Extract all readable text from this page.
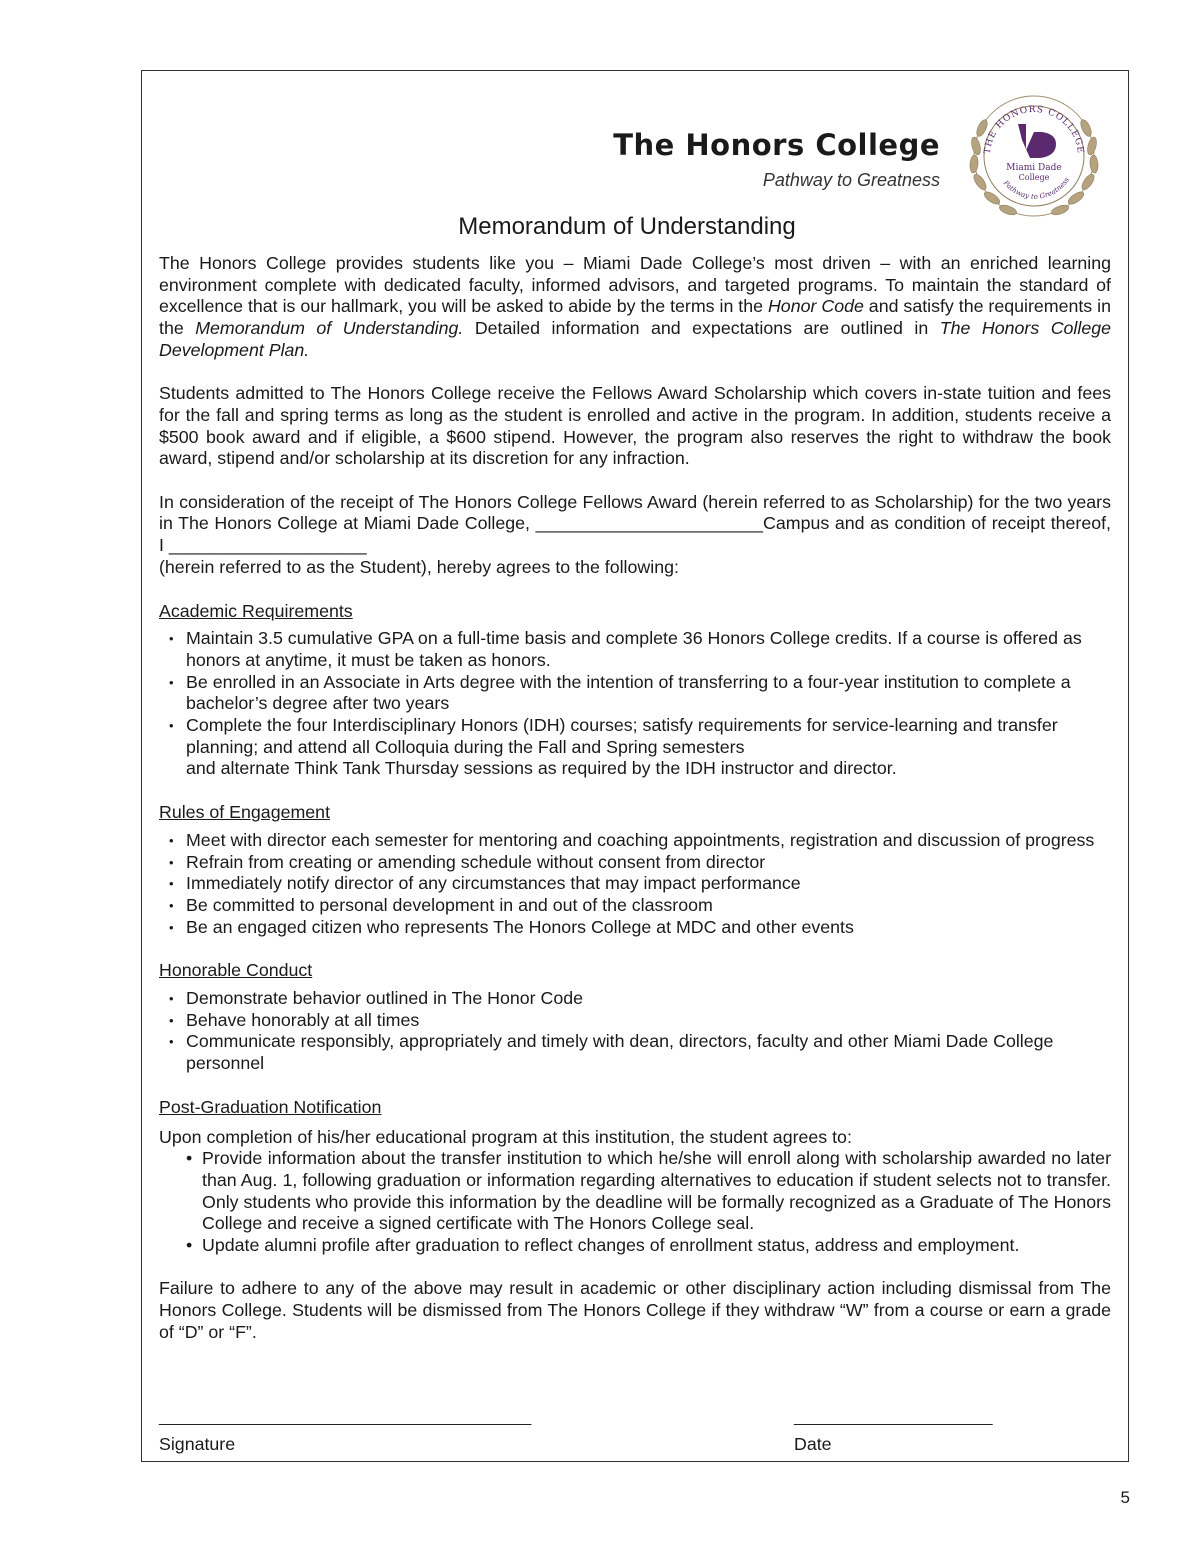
The Honors College
Pathway to Greatness
THE HONORS COLLEGE
Miami Dade
College
Pathway to Greatness
Memorandum of Understanding

The Honors College provides students like you – Miami Dade College’s most driven – with an enriched learning environment complete with dedicated faculty, informed advisors, and targeted programs. To maintain the standard of excellence that is our hallmark, you will be asked to abide by the terms in the Honor Code and satisfy the requirements in the Memorandum of Understanding. Detailed information and expectations are outlined in The Honors College Development Plan.

Students admitted to The Honors College receive the Fellows Award Scholarship which covers in-state tuition and fees for the fall and spring terms as long as the student is enrolled and active in the program. In addition, students receive a $500 book award and if eligible, a $600 stipend. However, the program also reserves the right to withdraw the book award, stipend and/or scholarship at its discretion for any infraction.

In consideration of the receipt of The Honors College Fellows Award (herein referred to as Scholarship) for the two years in The Honors College at Miami Dade College, _______________________Campus and as condition of receipt thereof, I ____________________

(herein referred to as the Student), hereby agrees to the following:

Academic Requirements
• Maintain 3.5 cumulative GPA on a full-time basis and complete 36 Honors College credits. If a course is offered as honors at anytime, it must be taken as honors.
• Be enrolled in an Associate in Arts degree with the intention of transferring to a four-year institution to complete a bachelor’s degree after two years
• Complete the four Interdisciplinary Honors (IDH) courses; satisfy requirements for service-learning and transfer planning; and attend all Colloquia during the Fall and Spring semesters
and alternate Think Tank Thursday sessions as required by the IDH instructor and director.
Rules of Engagement
• Meet with director each semester for mentoring and coaching appointments, registration and discussion of progress
• Refrain from creating or amending schedule without consent from director
• Immediately notify director of any circumstances that may impact performance
• Be committed to personal development in and out of the classroom
• Be an engaged citizen who represents The Honors College at MDC and other events
Honorable Conduct
• Demonstrate behavior outlined in The Honor Code
• Behave honorably at all times
• Communicate responsibly, appropriately and timely with dean, directors, faculty and other Miami Dade College personnel
Post-Graduation Notification

Upon completion of his/her educational program at this institution, the student agrees to:

• Provide information about the transfer institution to which he/she will enroll along with scholarship awarded no later than Aug. 1, following graduation or information regarding alternatives to education if student selects not to transfer. Only students who provide this information by the deadline will be formally recognized as a Graduate of The Honors College and receive a signed certificate with The Honors College seal.
• Update alumni profile after graduation to reflect changes of enrollment status, address and employment.

Failure to adhere to any of the above may result in academic or other disciplinary action including dismissal from The Honors College. Students will be dismissed from The Honors College if they withdraw “W” from a course or earn a grade of “D” or “F”.

_______________________________________________
Signature
_________________________
Date
5
